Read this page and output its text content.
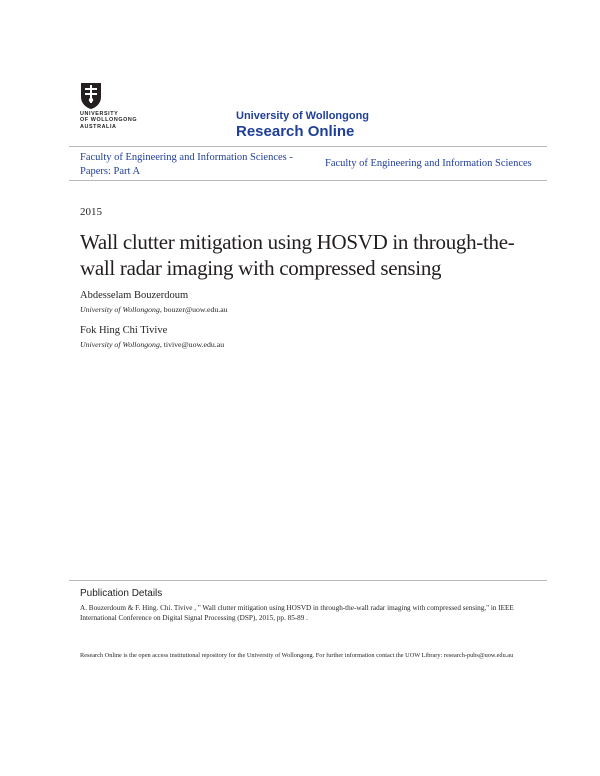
UNIVERSITY
OF WOLLONGONG
AUSTRALIA
University of Wollongong
Research Online
Faculty of Engineering and Information Sciences - Papers: Part A
Faculty of Engineering and Information Sciences
2015
Wall clutter mitigation using HOSVD in through-the-wall radar imaging with compressed sensing
Abdesselam Bouzerdoum
University of Wollongong, bouzer@uow.edu.au
Fok Hing Chi Tivive
University of Wollongong, tivive@uow.edu.au
Publication Details
A. Bouzerdoum & F. Hing. Chi. Tivive , " Wall clutter mitigation using HOSVD in through-the-wall radar imaging with compressed sensing," in IEEE International Conference on Digital Signal Processing (DSP), 2015, pp. 85-89 .
Research Online is the open access institutional repository for the University of Wollongong. For further information contact the UOW Library: research-pubs@uow.edu.au
